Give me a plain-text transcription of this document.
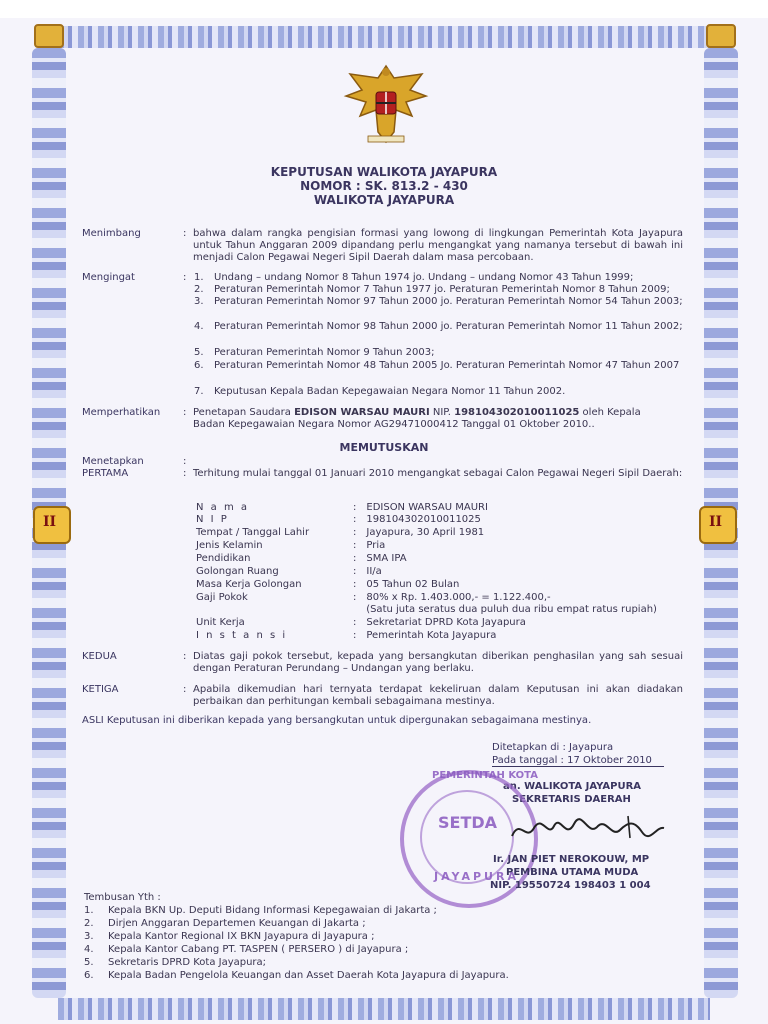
II
II
KEPUTUSAN WALIKOTA JAYAPURA
NOMOR : SK. 813.2 - 430
WALIKOTA JAYAPURA
Menimbang	: bahwa dalam rangka pengisian formasi yang lowong di lingkungan Pemerintah Kota Jayapura untuk Tahun Anggaran 2009 dipandang perlu mengangkat yang namanya tersebut di bawah ini menjadi Calon Pegawai Negeri Sipil Daerah dalam masa percobaan.
Mengingat	: 1. Undang – undang Nomor 8 Tahun 1974 jo. Undang – undang Nomor 43 Tahun 1999;
2. Peraturan Pemerintah Nomor 7 Tahun 1977 jo. Peraturan Pemerintah Nomor 8 Tahun 2009;
3. Peraturan Pemerintah Nomor 97 Tahun 2000 jo. Peraturan Pemerintah Nomor 54 Tahun 2003;
4. Peraturan Pemerintah Nomor 98 Tahun 2000 jo. Peraturan Pemerintah Nomor 11 Tahun 2002;
5. Peraturan Pemerintah Nomor 9 Tahun 2003;
6. Peraturan Pemerintah Nomor 48 Tahun 2005 Jo. Peraturan Pemerintah Nomor 47 Tahun 2007
7. Keputusan Kepala Badan Kepegawaian Negara Nomor 11 Tahun 2002.
Memperhatikan : Penetapan Saudara EDISON WARSAU MAURI NIP. 198104302010011025 oleh Kepala
Badan Kepegawaian Negara Nomor AG29471000412 Tanggal 01 Oktober 2010..
MEMUTUSKAN
Menetapkan	:
PERTAMA	: Terhitung mulai tanggal 01 Januari 2010 mengangkat sebagai Calon Pegawai Negeri Sipil Daerah:
N a m a	: EDISON WARSAU MAURI
N I P	: 198104302010011025
Tempat / Tanggal Lahir	: Jayapura, 30 April 1981
Jenis Kelamin	: Pria
Pendidikan	: SMA IPA
Golongan Ruang	: II/a
Masa Kerja Golongan	: 05 Tahun 02 Bulan
Gaji Pokok	: 80% x Rp. 1.403.000,- = 1.122.400,-
(Satu juta seratus dua puluh dua ribu empat ratus rupiah)
Unit Kerja	: Sekretariat DPRD Kota Jayapura
I n s t a n s i	: Pemerintah Kota Jayapura
KEDUA	: Diatas gaji pokok tersebut, kepada yang bersangkutan diberikan penghasilan yang sah sesuai dengan Peraturan Perundang – Undangan yang berlaku.
KETIGA	: Apabila dikemudian hari ternyata terdapat kekeliruan dalam Keputusan ini akan diadakan perbaikan dan perhitungan kembali sebagaimana mestinya.
ASLI Keputusan ini diberikan kepada yang bersangkutan untuk dipergunakan sebagaimana mestinya.
Ditetapkan di : Jayapura
Pada tanggal : 17 Oktober 2010
an. WALIKOTA JAYAPURA
SEKRETARIS DAERAH
PEMERINTAH KOTA
SETDA
JAYAPURA
Ir. JAN PIET NEROKOUW, MP
PEMBINA UTAMA MUDA
NIP. 19550724 198403 1 004
Tembusan Yth :
1. Kepala BKN Up. Deputi Bidang Informasi Kepegawaian di Jakarta ;
2. Dirjen Anggaran Departemen Keuangan di Jakarta ;
3. Kepala Kantor Regional IX BKN Jayapura di Jayapura ;
4. Kepala Kantor Cabang PT. TASPEN ( PERSERO ) di Jayapura ;
5. Sekretaris DPRD Kota Jayapura;
6. Kepala Badan Pengelola Keuangan dan Asset Daerah Kota Jayapura di Jayapura.
